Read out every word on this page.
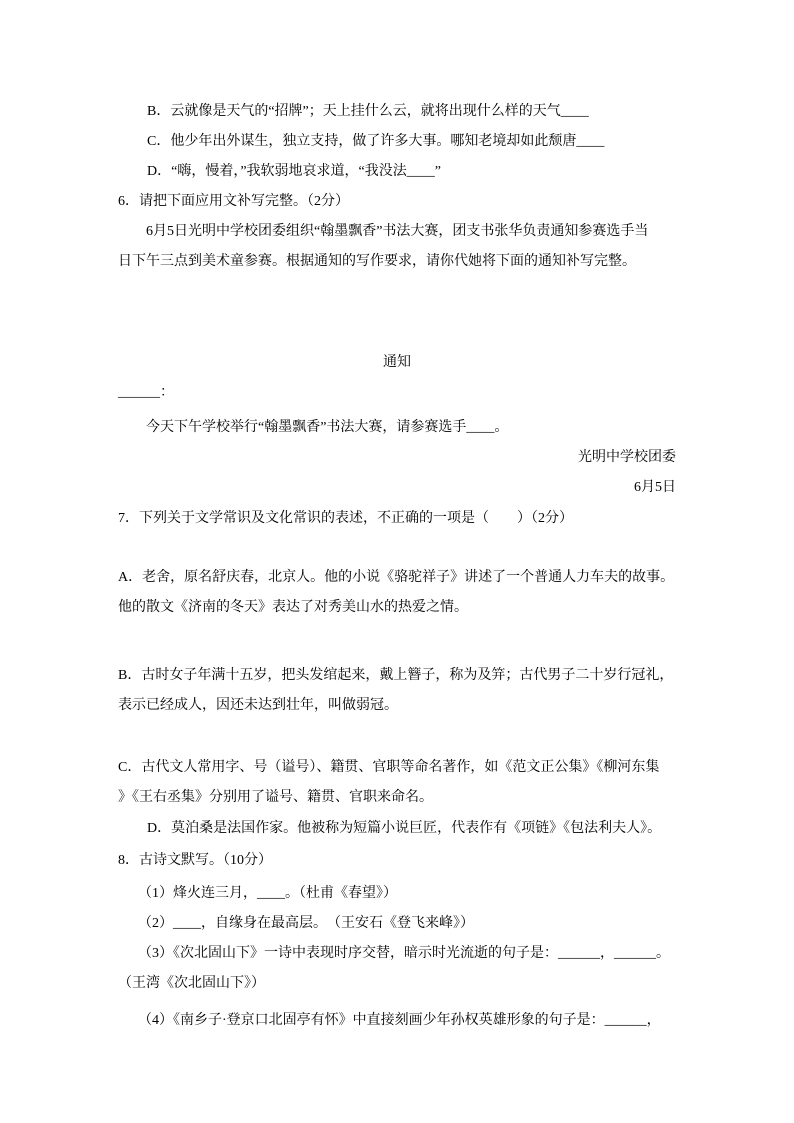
B．云就像是天气的“招牌”；天上挂什么云，就将出现什么样的天气____
C．他少年出外谋生，独立支持，做了许多大事。哪知老境却如此颓唐____
D．“嗨，慢着，”我软弱地哀求道，“我没法____”
6．请把下面应用文补写完整。（2分）
6月5日光明中学校团委组织“翰墨飘香”书法大赛，团支书张华负责通知参赛选手当
日下午三点到美术童参赛。根据通知的写作要求，请你代她将下面的通知补写完整。
通知
______：
今天下午学校举行“翰墨飘香”书法大赛，请参赛选手____。
光明中学校团委
6月5日
7．下列关于文学常识及文化常识的表述，不正确的一项是（　　）（2分）
A．老舍，原名舒庆春，北京人。他的小说《骆驼祥子》讲述了一个普通人力车夫的故事。
他的散文《济南的冬天》表达了对秀美山水的热爱之情。
B．古时女子年满十五岁，把头发绾起来，戴上簪子，称为及笄；古代男子二十岁行冠礼，
表示已经成人，因还未达到壮年，叫做弱冠。
C．古代文人常用字、号（谥号）、籍贯、官职等命名著作，如《范文正公集》《柳河东集
》《王右丞集》分别用了谥号、籍贯、官职来命名。
D．莫泊桑是法国作家。他被称为短篇小说巨匠，代表作有《项链》《包法利夫人》。
8．古诗文默写。（10分）
（1）烽火连三月，____。（杜甫《春望》）
（2）____，自缘身在最高层。　（王安石《登飞来峰》）
（3）《次北固山下》一诗中表现时序交替，暗示时光流逝的句子是：______，______。
（王湾《次北固山下》）
（4）《南乡子·登京口北固亭有怀》中直接刻画少年孙权英雄形象的句子是：______，
